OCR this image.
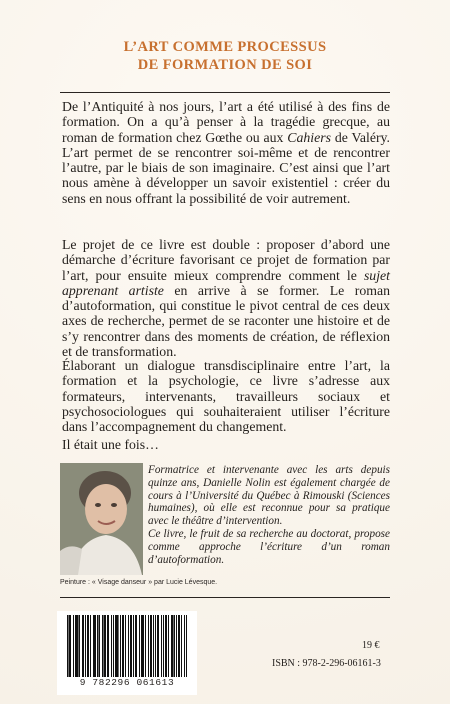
L’ART COMME PROCESSUS
DE FORMATION DE SOI

De l’Antiquité à nos jours, l’art a été utilisé à des fins de formation. On a qu’à penser à la tragédie grecque, au roman de formation chez Gœthe ou aux Cahiers de Valéry. L’art permet de se rencontrer soi-même et de rencontrer l’autre, par le biais de son imaginaire. C’est ainsi que l’art nous amène à développer un savoir existentiel : créer du sens en nous offrant la possibilité de voir autrement.

Le projet de ce livre est double : proposer d’abord une démarche d’écriture favorisant ce projet de formation par l’art, pour ensuite mieux comprendre comment le sujet apprenant artiste en arrive à se former. Le roman d’autoformation, qui constitue le pivot central de ces deux axes de recherche, permet de se raconter une histoire et de s’y rencontrer dans des moments de création, de réflexion et de transformation.

Élaborant un dialogue transdisciplinaire entre l’art, la formation et la psychologie, ce livre s’adresse aux formateurs, intervenants, travailleurs sociaux et psychosociologues qui souhaiteraient utiliser l’écriture dans l’accompagnement du changement.

Il était une fois…

Formatrice et intervenante avec les arts depuis quinze ans, Danielle Nolin est également chargée de cours à l’Université du Québec à Rimouski (Sciences humaines), où elle est reconnue pour sa pratique avec le théâtre d’intervention.
Ce livre, le fruit de sa recherche au doctorat, propose comme approche l’écriture d’un roman d’autoformation.

Peinture : « Visage danseur » par Lucie Lévesque.
9 782296 061613
19 €
ISBN : 978-2-296-06161-3
